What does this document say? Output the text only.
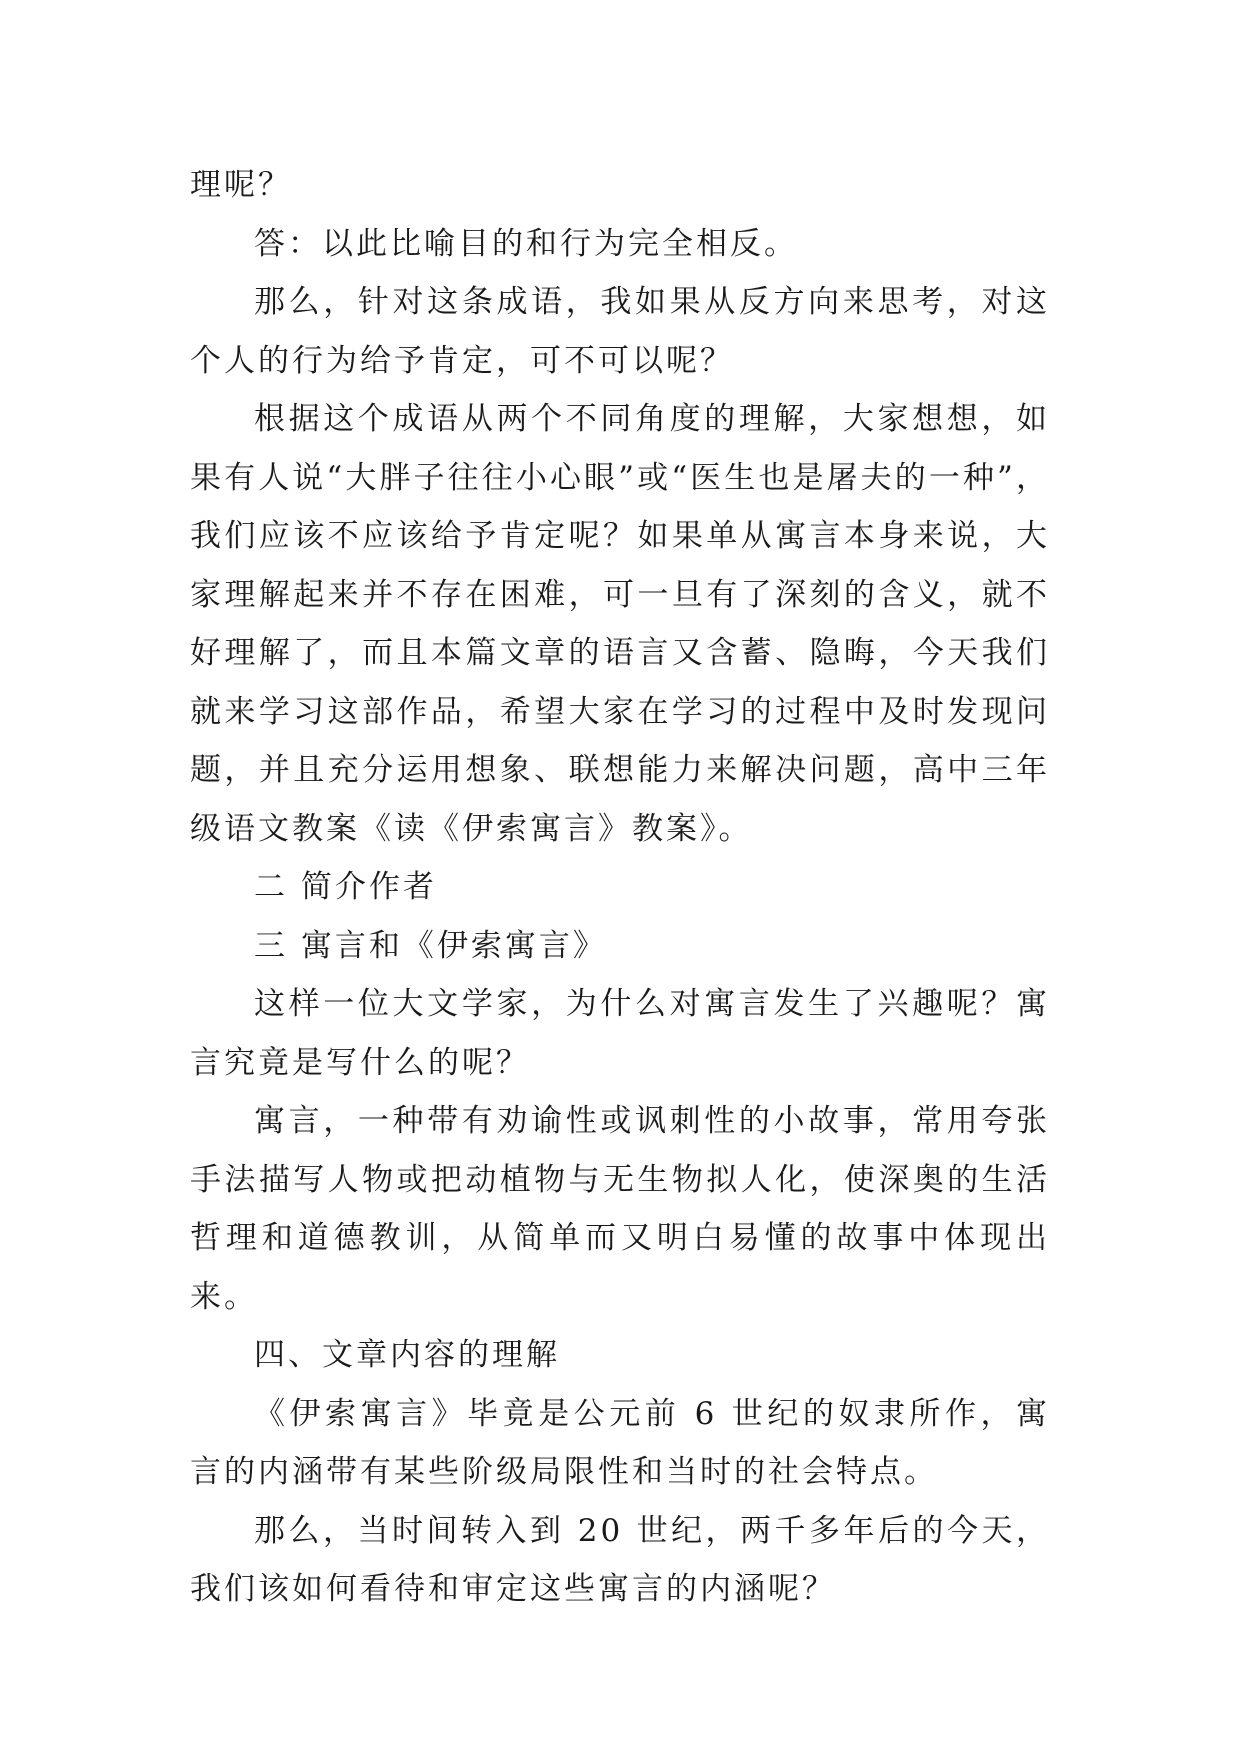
理呢？

答：以此比喻目的和行为完全相反。

那么，针对这条成语，我如果从反方向来思考，对这个人的行为给予肯定，可不可以呢？

根据这个成语从两个不同角度的理解，大家想想，如果有人说“大胖子往往小心眼”或“医生也是屠夫的一种”，我们应该不应该给予肯定呢？如果单从寓言本身来说，大家理解起来并不存在困难，可一旦有了深刻的含义，就不好理解了，而且本篇文章的语言又含蓄、隐晦，今天我们就来学习这部作品，希望大家在学习的过程中及时发现问题，并且充分运用想象、联想能力来解决问题，高中三年级语文教案《读《伊索寓言》教案》。

二 简介作者

三 寓言和《伊索寓言》

这样一位大文学家，为什么对寓言发生了兴趣呢？寓言究竟是写什么的呢？

寓言，一种带有劝谕性或讽刺性的小故事，常用夸张手法描写人物或把动植物与无生物拟人化，使深奥的生活哲理和道德教训，从简单而又明白易懂的故事中体现出来。

四、文章内容的理解

《伊索寓言》毕竟是公元前 6 世纪的奴隶所作，寓言的内涵带有某些阶级局限性和当时的社会特点。

那么，当时间转入到 20 世纪，两千多年后的今天，我们该如何看待和审定这些寓言的内涵呢？
